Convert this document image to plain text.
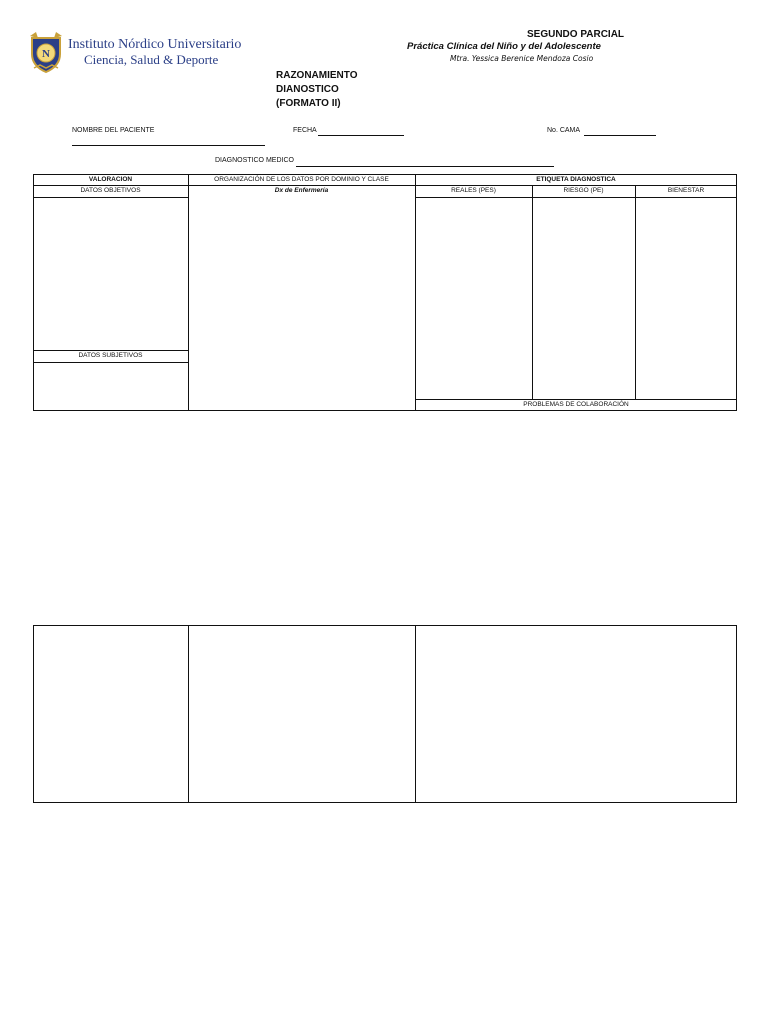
N
Instituto Nórdico Universitario
Ciencia, Salud & Deporte
SEGUNDO PARCIAL
Práctica Clínica del Niño y del Adolescente
Mtra. Yessica Berenice Mendoza Cosio
RAZONAMIENTO
DIANOSTICO
(FORMATO II)
NOMBRE DEL PACIENTE	FECHA	No. CAMA
DIAGNOSTICO MEDICO
VALORACION	ORGANIZACIÓN DE LOS DATOS POR DOMINIO Y CLASE	ETIQUETA DIAGNOSTICA
DATOS OBJETIVOS	Dx de Enfermería	REALES (PES)	RIESGO (PE)	BIENESTAR
DATOS SUBJETIVOS
PROBLEMAS DE COLABORACIÓN
